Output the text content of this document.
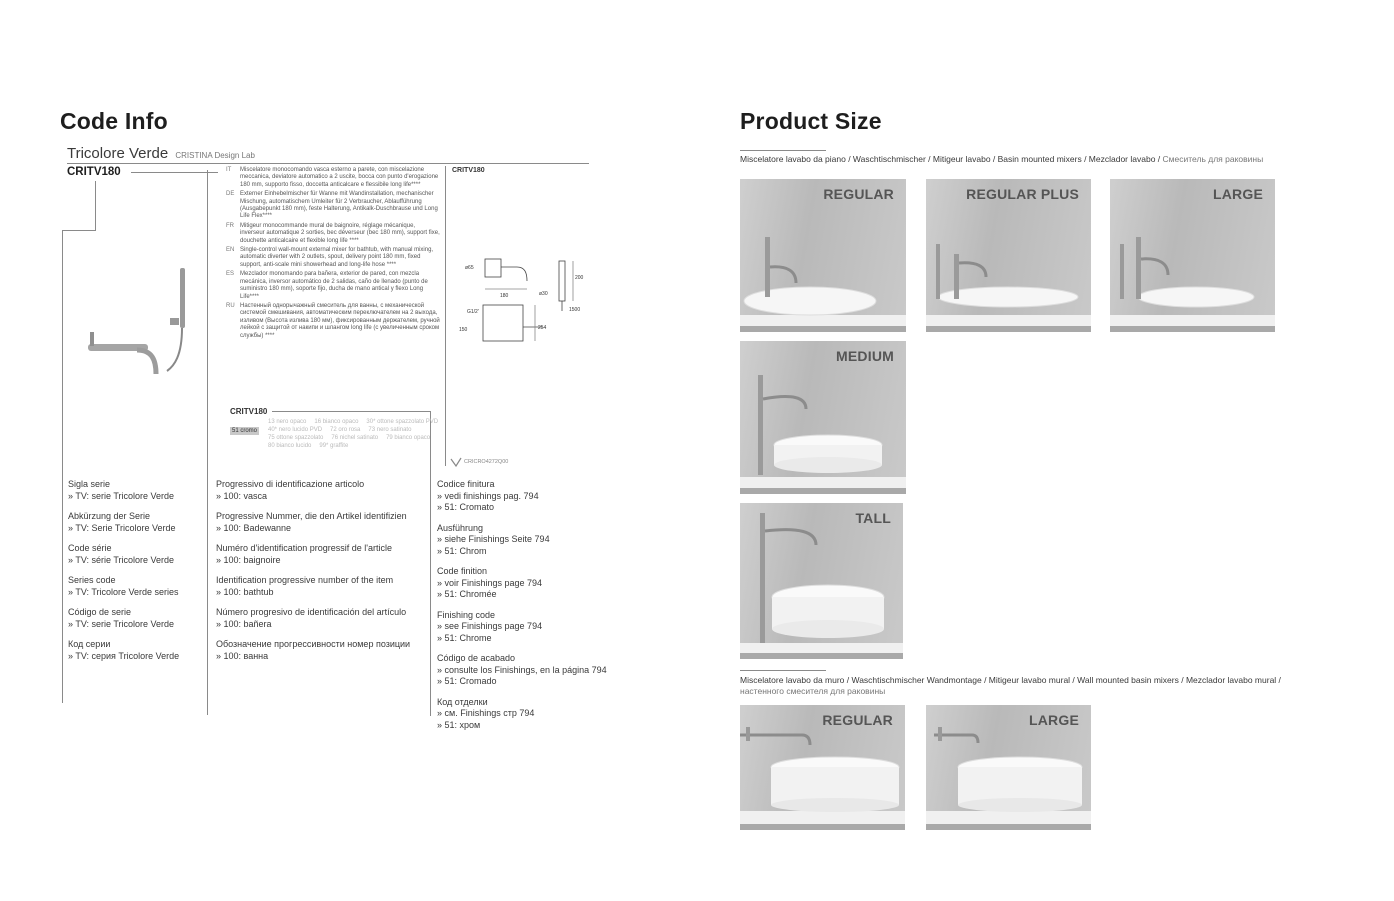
Code Info
Tricolore Verde CRISTINA Design Lab
CRITV180	IT	Miscelatore monocomando vasca esterno a parete, con miscelazione meccanica, deviatore automatico a 2 uscite, bocca con punto d'erogazione 180 mm, supporto fisso, doccetta anticalcare e flessibile long life****
DE Externer Einhebelmischer für Wanne mit Wandinstallation, mechanischer Mischung, automatischem Umleiter für 2 Verbraucher, Ablaufführung (Ausgabepunkt 180 mm), feste Halterung, Antikalk-Duschbrause und Long Life Flex****
FR	Mitigeur monocommande mural de baignoire, réglage mécanique, inverseur automatique 2 sorties, bec déverseur (bec 180 mm), support fixe, douchette anticalcaire et flexible long life ****
EN Single-control wall-mount external mixer for bathtub, with manual mixing, automatic diverter with 2 outlets, spout, delivery point 180 mm, fixed support, anti-scale mini showerhead and long-life hose ****
ES Mezclador monomando para bañera, exterior de pared, con mezcla mecánica, inversor automático de 2 salidas, caño de llenado (punto de suministro 180 mm), soporte fijo, ducha de mano antical y flexo Long Life****
RU Настенный однорычажный смеситель для ванны, с механической системой смешивания, автоматическим переключателем на 2 выхода, изливом (Высота излива 180 мм), фиксированным держателем, ручной лейкой с защитой от накипи и шлангом long life (с увеличенным сроком службы) ****
CRITV180
ø65
180
G1/2'
150	254
ø30
200
1500
CRITV180
51 cromo
13 nero opaco 16 bianco opaco 30* ottone spazzolato PVD
40* nero lucido PVD 72 oro rosa 73 nero satinato
75 ottone spazzolato 76 nichel satinato 79 bianco opaco
80 bianco lucido 99* graffite
CRICRO4272Q00

Sigla serie

» TV: serie Tricolore Verde

Abkürzung der Serie

» TV: Serie Tricolore Verde

Code série

» TV: série Tricolore Verde

Series code

» TV: Tricolore Verde series

Código de serie

» TV: serie Tricolore Verde

Код серии

» TV: серия Tricolore Verde

Progressivo di identificazione articolo

» 100: vasca

Progressive Nummer, die den Artikel identifizien

» 100: Badewanne

Numéro d'identification progressif de l'article

» 100: baignoire

Identification progressive number of the item

» 100: bathtub

Número progresivo de identificación del artículo

» 100: bañera

Обозначение прогрессивности номер позиции

» 100: ванна

Codice finitura

» vedi finishings pag. 794

» 51: Cromato

Ausführung

» siehe Finishings Seite 794

» 51: Chrom

Code finition

» voir Finishings page 794

» 51: Chromée

Finishing code

» see Finishings page 794

» 51: Chrome

Código de acabado

» consulte los Finishings, en la página 794

» 51: Cromado

Код отделки

» см. Finishings стр 794

» 51: хром

Product Size
Miscelatore lavabo da piano / Waschtischmischer / Mitigeur lavabo / Basin mounted mixers / Mezclador lavabo / Смеситель для раковины
REGULAR	REGULAR PLUS	LARGE
MEDIUM
TALL
Miscelatore lavabo da muro / Waschtischmischer Wandmontage / Mitigeur lavabo mural / Wall mounted basin mixers / Mezclador lavabo mural /
настенного смесителя для раковины
REGULAR	LARGE
